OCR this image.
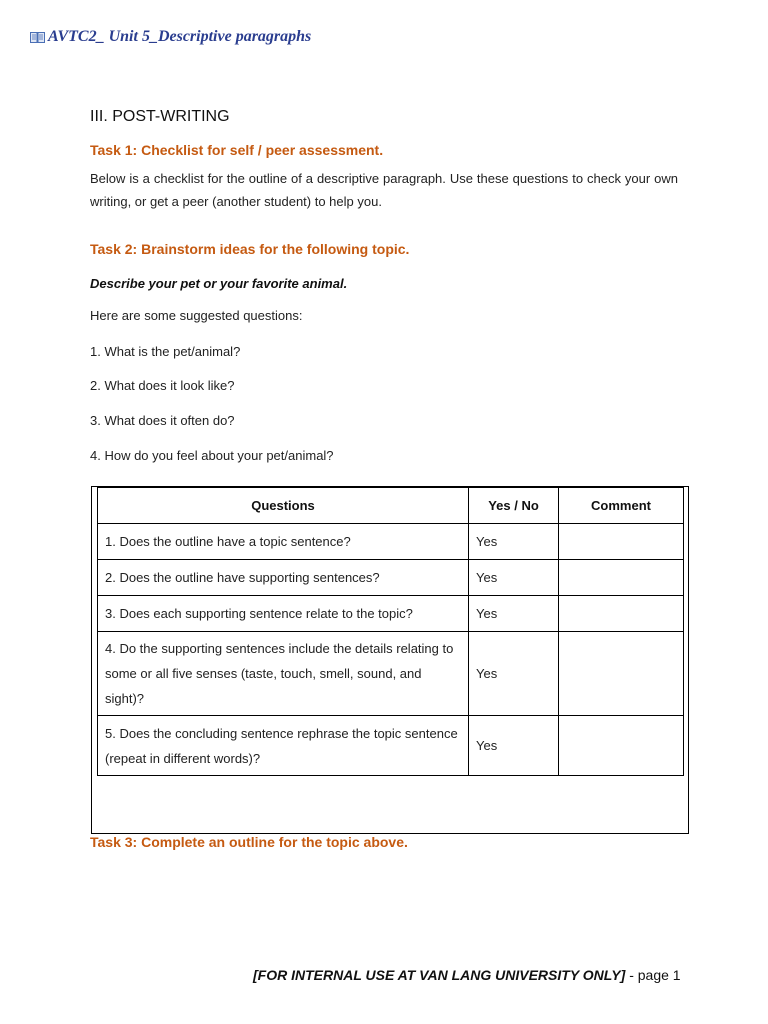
AVTC2_ Unit 5_Descriptive paragraphs
III. POST-WRITING
Task 1: Checklist for self / peer assessment.
Below is a checklist for the outline of a descriptive paragraph. Use these questions to check your own writing, or get a peer (another student) to help you.
Task 2: Brainstorm ideas for the following topic.
Describe your pet or your favorite animal.
Here are some suggested questions:
1. What is the pet/animal?
2. What does it look like?
3. What does it often do?
4. How do you feel about your pet/animal?
Questions	Yes / No	Comment
1. Does the outline have a topic sentence?	Yes	
2. Does the outline have supporting sentences?	Yes	
3. Does each supporting sentence relate to the topic?	Yes	
4. Do the supporting sentences include the details relating to some or all five senses (taste, touch, smell, sound, and sight)?	Yes	
5. Does the concluding sentence rephrase the topic sentence (repeat in different words)?	Yes	
Task 3: Complete an outline for the topic above.
[FOR INTERNAL USE AT VAN LANG UNIVERSITY ONLY] - page 1
